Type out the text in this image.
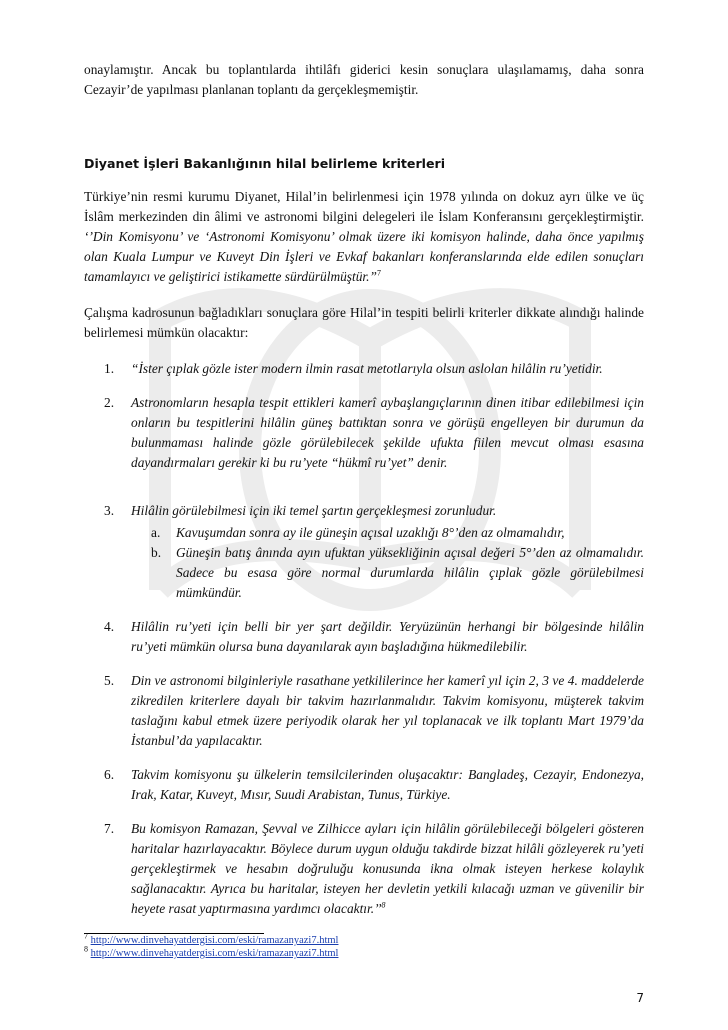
onaylamıştır. Ancak bu toplantılarda ihtilâfı giderici kesin sonuçlara ulaşılamamış, daha sonra Cezayir’de yapılması planlanan toplantı da gerçekleşmemiştir.

Diyanet İşleri Bakanlığının hilal belirleme kriterleri

Türkiye’nin resmi kurumu Diyanet, Hilal’in belirlenmesi için 1978 yılında on dokuz ayrı ülke ve üç İslâm merkezinden din âlimi ve astronomi bilgini delegeleri ile İslam Konferansını gerçekleştirmiştir. ‘’Din Komisyonu’ ve ‘Astronomi Komisyonu’ olmak üzere iki komisyon halinde, daha önce yapılmış olan Kuala Lumpur ve Kuveyt Din İşleri ve Evkaf bakanları konferanslarında elde edilen sonuçları tamamlayıcı ve geliştirici istikamette sürdürülmüştür.”$^7$

Çalışma kadrosunun bağladıkları sonuçlara göre Hilal’in tespiti belirli kriterler dikkate alındığı halinde belirlemesi mümkün olacaktır:

1. “İster çıplak gözle ister modern ilmin rasat metotlarıyla olsun aslolan hilâlin ru’yetidir.
2. Astronomların hesapla tespit ettikleri kamerî aybaşlangıçlarının dinen itibar edilebilmesi için onların bu tespitlerini hilâlin güneş battıktan sonra ve görüşü engelleyen bir durumun da bulunmaması halinde gözle görülebilecek şekilde ufukta fiilen mevcut olması esasına dayandırmaları gerekir ki bu ru’yete “hükmî ru’yet” denir.
3. Hilâlin görülebilmesi için iki temel şartın gerçekleşmesi zorunludur.
a. Kavuşumdan sonra ay ile güneşin açısal uzaklığı 8°’den az olmamalıdır,
b. Güneşin batış ânında ayın ufuktan yüksekliğinin açısal değeri 5°’den az olmamalıdır. Sadece bu esasa göre normal durumlarda hilâlin çıplak gözle görülebilmesi mümkündür.
4. Hilâlin ru’yeti için belli bir yer şart değildir. Yeryüzünün herhangi bir bölgesinde hilâlin ru’yeti mümkün olursa buna dayanılarak ayın başladığına hükmedilebilir.
5. Din ve astronomi bilginleriyle rasathane yetkililerince her kamerî yıl için 2, 3 ve 4. maddelerde zikredilen kriterlere dayalı bir takvim hazırlanmalıdır. Takvim komisyonu, müşterek takvim taslağını kabul etmek üzere periyodik olarak her yıl toplanacak ve ilk toplantı Mart 1979’da İstanbul’da yapılacaktır.
6. Takvim komisyonu şu ülkelerin temsilcilerinden oluşacaktır: Bangladeş, Cezayir, Endonezya, Irak, Katar, Kuveyt, Mısır, Suudi Arabistan, Tunus, Türkiye.
7. Bu komisyon Ramazan, Şevval ve Zilhicce ayları için hilâlin görülebileceği bölgeleri gösteren haritalar hazırlayacaktır. Böylece durum uygun olduğu takdirde bizzat hilâli gözleyerek ru’yeti gerçekleştirmek ve hesabın doğruluğu konusunda ikna olmak isteyen herkese kolaylık sağlanacaktır. Ayrıca bu haritalar, isteyen her devletin yetkili kılacağı uzman ve güvenilir bir heyete rasat yaptırmasına yardımcı olacaktır.’’$^8$
$^7$ http://www.dinvehayatdergisi.com/eski/ramazanyazi7.html
$^8$ http://www.dinvehayatdergisi.com/eski/ramazanyazi7.html
7
